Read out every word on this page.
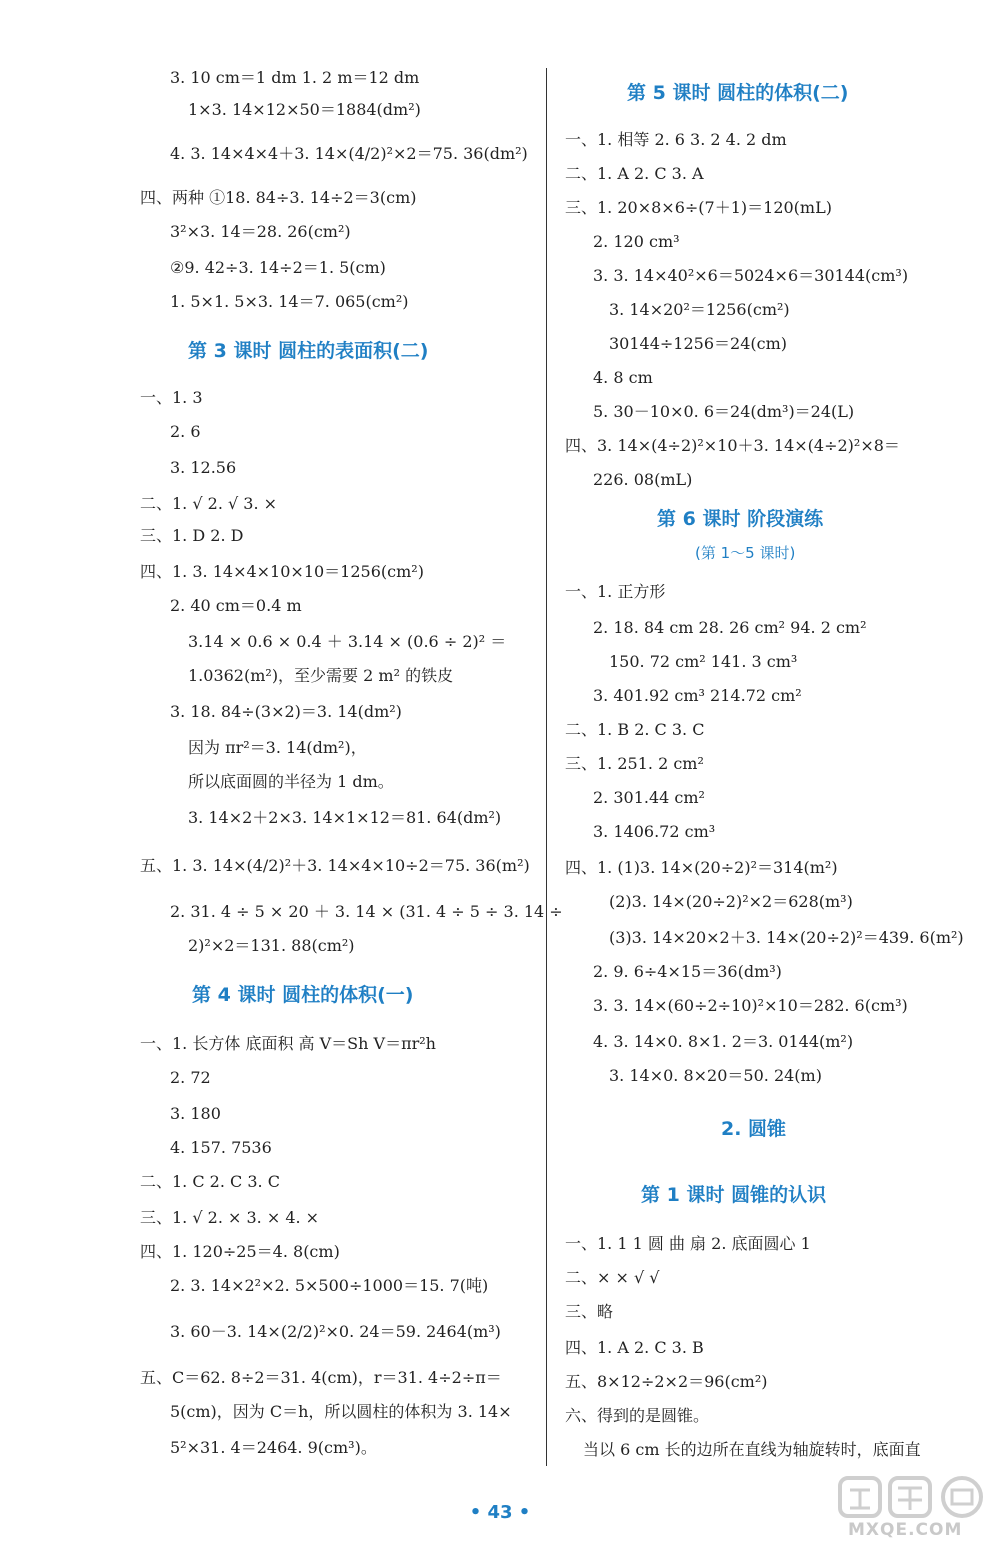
3. 10 cm＝1 dm 1. 2 m＝12 dm
1×3. 14×12×50＝1884(dm²)
4. 3. 14×4×4＋3. 14×(4/2)²×2＝75. 36(dm²)
四、两种 ①18. 84÷3. 14÷2＝3(cm)
3²×3. 14＝28. 26(cm²)
②9. 42÷3. 14÷2＝1. 5(cm)
1. 5×1. 5×3. 14＝7. 065(cm²)
第 3 课时 圆柱的表面积(二)
一、1. 3
2. 6
3. 12.56
二、1. √ 2. √ 3. ×
三、1. D 2. D
四、1. 3. 14×4×10×10＝1256(cm²)
2. 40 cm＝0.4 m
3.14 × 0.6 × 0.4 ＋ 3.14 × (0.6 ÷ 2)² ＝
1.0362(m²)，至少需要 2 m² 的铁皮
3. 18. 84÷(3×2)＝3. 14(dm²)
因为 πr²＝3. 14(dm²)，
所以底面圆的半径为 1 dm。
3. 14×2＋2×3. 14×1×12＝81. 64(dm²)
五、1. 3. 14×(4/2)²＋3. 14×4×10÷2＝75. 36(m²)
2. 31. 4 ÷ 5 × 20 ＋ 3. 14 × (31. 4 ÷ 5 ÷ 3. 14 ÷
2)²×2＝131. 88(cm²)
第 4 课时 圆柱的体积(一)
一、1. 长方体 底面积 高 V＝Sh V＝πr²h
2. 72
3. 180
4. 157. 7536
二、1. C 2. C 3. C
三、1. √ 2. × 3. × 4. ×
四、1. 120÷25＝4. 8(cm)
2. 3. 14×2²×2. 5×500÷1000＝15. 7(吨)
3. 60－3. 14×(2/2)²×0. 24＝59. 2464(m³)
五、C＝62. 8÷2＝31. 4(cm)，r＝31. 4÷2÷π＝
5(cm)，因为 C＝h，所以圆柱的体积为 3. 14×
5²×31. 4＝2464. 9(cm³)。
第 5 课时 圆柱的体积(二)
一、1. 相等 2. 6 3. 2 4. 2 dm
二、1. A 2. C 3. A
三、1. 20×8×6÷(7＋1)＝120(mL)
2. 120 cm³
3. 3. 14×40²×6＝5024×6＝30144(cm³)
3. 14×20²＝1256(cm²)
30144÷1256＝24(cm)
4. 8 cm
5. 30－10×0. 6＝24(dm³)＝24(L)
四、3. 14×(4÷2)²×10＋3. 14×(4÷2)²×8＝
226. 08(mL)
第 6 课时 阶段演练
(第 1～5 课时)
一、1. 正方形
2. 18. 84 cm 28. 26 cm² 94. 2 cm²
150. 72 cm² 141. 3 cm³
3. 401.92 cm³ 214.72 cm²
二、1. B 2. C 3. C
三、1. 251. 2 cm²
2. 301.44 cm²
3. 1406.72 cm³
四、1. (1)3. 14×(20÷2)²＝314(m²)
(2)3. 14×(20÷2)²×2＝628(m³)
(3)3. 14×20×2＋3. 14×(20÷2)²＝439. 6(m²)
2. 9. 6÷4×15＝36(dm³)
3. 3. 14×(60÷2÷10)²×10＝282. 6(cm³)
4. 3. 14×0. 8×1. 2＝3. 0144(m²)
3. 14×0. 8×20＝50. 24(m)
2. 圆锥
第 1 课时 圆锥的认识
一、1. 1 1 圆 曲 扇 2. 底面圆心 1
二、× × √ √
三、略
四、1. A 2. C 3. B
五、8×12÷2×2＝96(cm²)
六、得到的是圆锥。
当以 6 cm 长的边所在直线为轴旋转时，底面直
• 43 •
MXQE.COM
